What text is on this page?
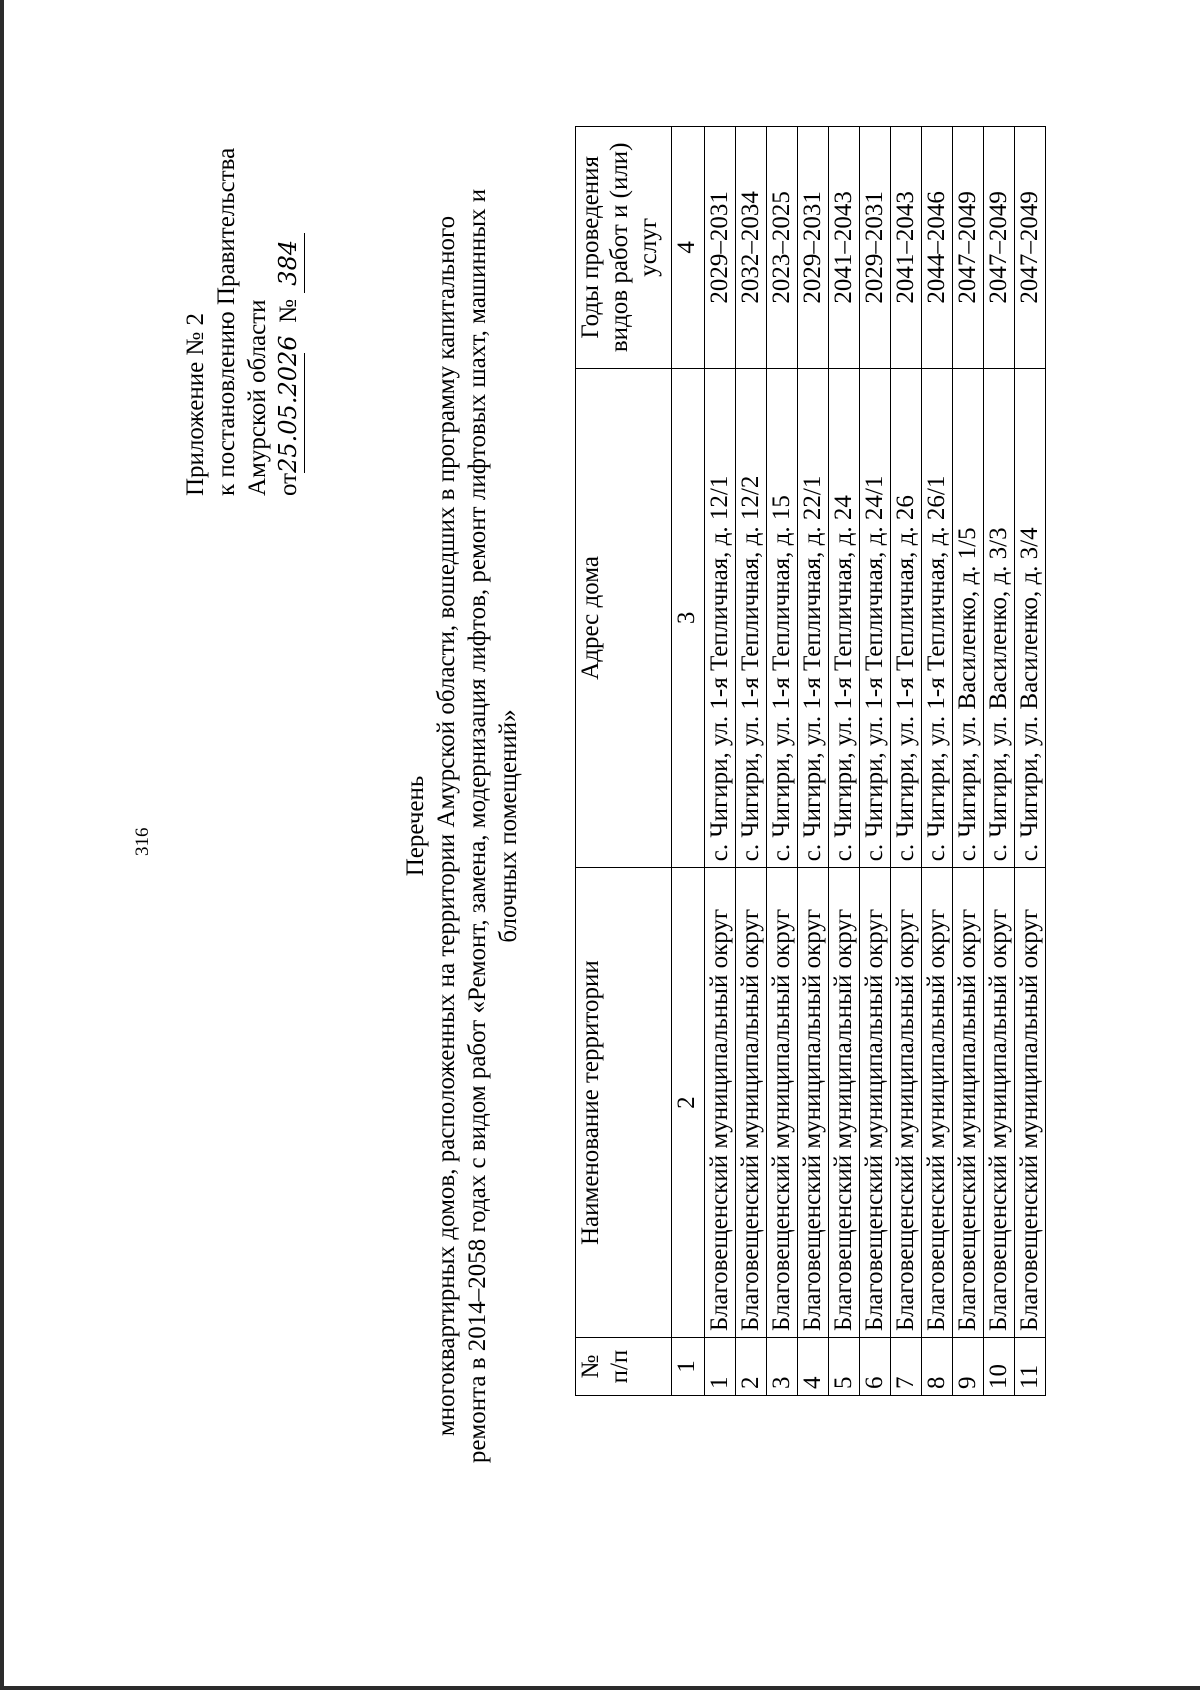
316
Приложение № 2 к постановлению Правительства Амурской области от25.05.2026№ 384
Перечень многоквартирных домов, расположенных на территории Амурской области, вошедших в программу капитального ремонта в 2014–2058 годах с видом работ «Ремонт, замена, модернизация лифтов, ремонт лифтовых шахт, машинных и блочных помещений»
№ п/п	Наименование территории	Адрес дома	Годы проведения видов работ и (или) услуг
1	2	3	4
1	Благовещенский муниципальный округ	с. Чигири, ул. 1-я Тепличная, д. 12/1	2029–2031
2	Благовещенский муниципальный округ	с. Чигири, ул. 1-я Тепличная, д. 12/2	2032–2034
3	Благовещенский муниципальный округ	с. Чигири, ул. 1-я Тепличная, д. 15	2023–2025
4	Благовещенский муниципальный округ	с. Чигири, ул. 1-я Тепличная, д. 22/1	2029–2031
5	Благовещенский муниципальный округ	с. Чигири, ул. 1-я Тепличная, д. 24	2041–2043
6	Благовещенский муниципальный округ	с. Чигири, ул. 1-я Тепличная, д. 24/1	2029–2031
7	Благовещенский муниципальный округ	с. Чигири, ул. 1-я Тепличная, д. 26	2041–2043
8	Благовещенский муниципальный округ	с. Чигири, ул. 1-я Тепличная, д. 26/1	2044–2046
9	Благовещенский муниципальный округ	с. Чигири, ул. Василенко, д. 1/5	2047–2049
10	Благовещенский муниципальный округ	с. Чигири, ул. Василенко, д. 3/3	2047–2049
11	Благовещенский муниципальный округ	с. Чигири, ул. Василенко, д. 3/4	2047–2049
